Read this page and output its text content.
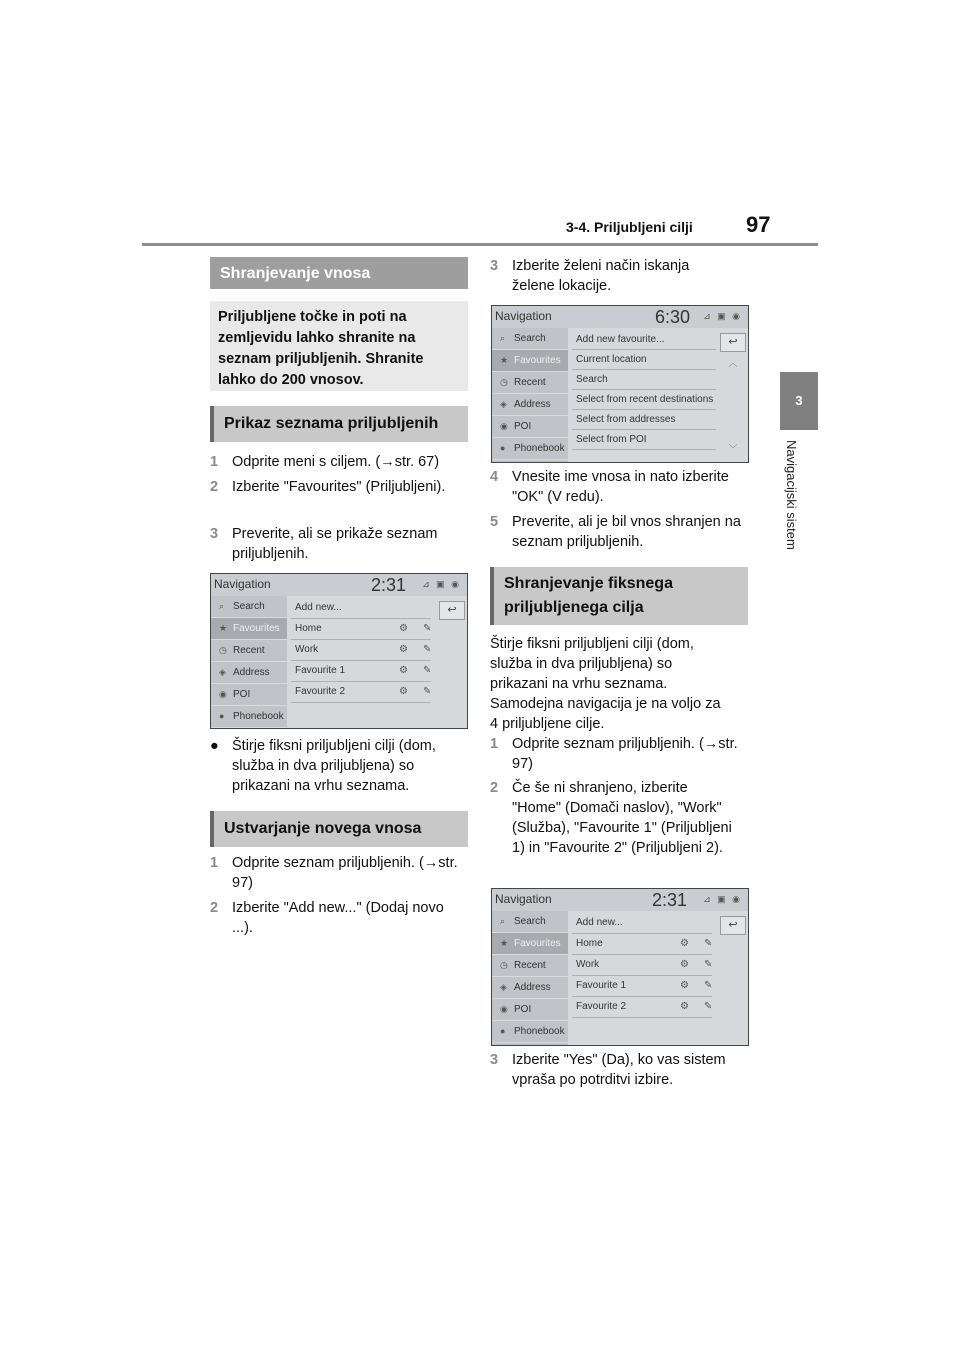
3-4. Priljubljeni cilji 97
3
Navigacijski sistem
Shranjevanje vnosa
Priljubljene točke in poti na zemljevidu lahko shranite na seznam priljubljenih. Shranite lahko do 200 vnosov.
Prikaz seznama priljubljenih
1 Odprite meni s ciljem. (→str. 67)
2 Izberite "Favourites" (Priljubljeni).
3 Preverite, ali se prikaže seznam priljubljenih.
Navigation	2:31 ⊿ ▣ ◉
⌕ Search
★ Favourites
◷ Recent
◈ Address
◉ POI
● Phonebook
Add new...
Home	⚙ ✎
Work	⚙ ✎
Favourite 1	⚙ ✎
Favourite 2	⚙ ✎
↩
● Štirje fiksni priljubljeni cilji (dom, služba in dva priljubljena) so prikazani na vrhu seznama.
Ustvarjanje novega vnosa
1 Odprite seznam priljubljenih. (→str. 97)
2 Izberite "Add new..." (Dodaj novo ...).
3 Izberite želeni način iskanja želene lokacije.
Navigation	6:30 ⊿ ▣ ◉
⌕ Search
★ Favourites
◷ Recent
◈ Address
◉ POI
● Phonebook
Add new favourite...
Current location
Search
Select from recent destinations
Select from addresses
Select from POI
↩
︿
﹀
4 Vnesite ime vnosa in nato izberite "OK" (V redu).
5 Preverite, ali je bil vnos shranjen na seznam priljubljenih.
Shranjevanje fiksnega priljubljenega cilja
Štirje fiksni priljubljeni cilji (dom, služba in dva priljubljena) so prikazani na vrhu seznama. Samodejna navigacija je na voljo za 4 priljubljene cilje.
1 Odprite seznam priljubljenih. (→str. 97)
2 Če še ni shranjeno, izberite "Home" (Domači naslov), "Work" (Služba), "Favourite 1" (Priljubljeni 1) in "Favourite 2" (Priljubljeni 2).
Navigation	2:31 ⊿ ▣ ◉
⌕ Search
★ Favourites
◷ Recent
◈ Address
◉ POI
● Phonebook
Add new...
Home	⚙ ✎
Work	⚙ ✎
Favourite 1	⚙ ✎
Favourite 2	⚙ ✎
↩
3 Izberite "Yes" (Da), ko vas sistem vpraša po potrditvi izbire.
